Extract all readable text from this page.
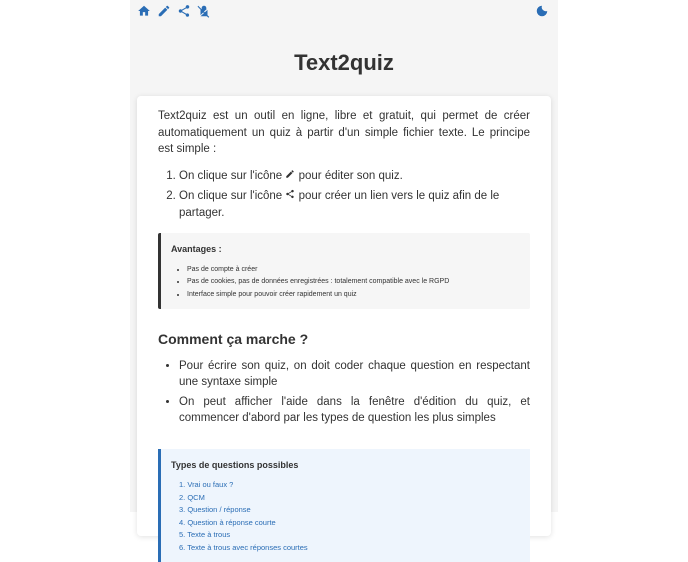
Text2quiz

Text2quiz est un outil en ligne, libre et gratuit, qui permet de créer automatiquement un quiz à partir d'un simple fichier texte. Le principe est simple :

1. On clique sur l'icône pour éditer son quiz.
2. On clique sur l'icône pour créer un lien vers le quiz afin de le partager.
Avantages :
• Pas de compte à créer
• Pas de cookies, pas de données enregistrées : totalement compatible avec le RGPD
• Interface simple pour pouvoir créer rapidement un quiz
Comment ça marche ?
• Pour écrire son quiz, on doit coder chaque question en respectant une syntaxe simple
• On peut afficher l'aide dans la fenêtre d'édition du quiz, et commencer d'abord par les types de question les plus simples
Types de questions possibles
1. Vrai ou faux ?
2. QCM
3. Question / réponse
4. Question à réponse courte
5. Texte à trous
6. Texte à trous avec réponses courtes
